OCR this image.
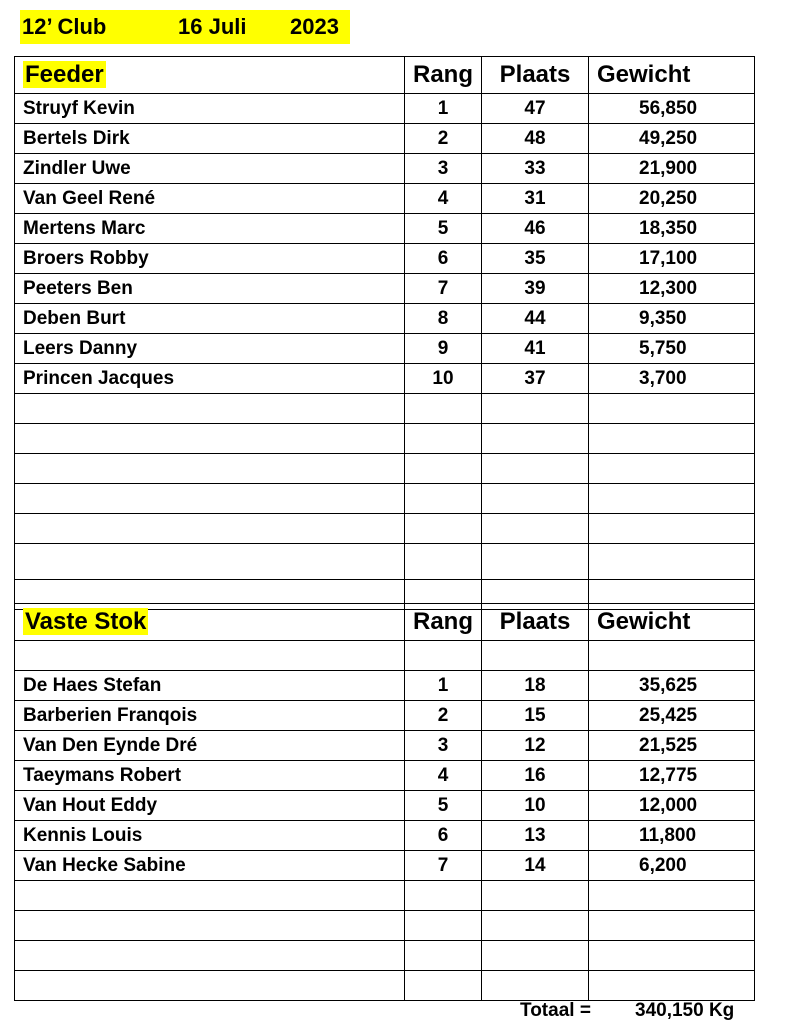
12’ Club	16 Juli 2023
Feeder	Rang	Plaats	Gewicht
Struyf Kevin	1	47	56,850
Bertels Dirk	2	48	49,250
Zindler Uwe	3	33	21,900
Van Geel René	4	31	20,250
Mertens Marc	5	46	18,350
Broers Robby	6	35	17,100
Peeters Ben	7	39	12,300
Deben Burt	8	44	9,350
Leers Danny	9	41	5,750
Princen Jacques	10	37	3,700

Vaste Stok	Rang	Plaats	Gewicht

De Haes Stefan	1	18	35,625
Barberien Franqois	2	15	25,425
Van Den Eynde Dré	3	12	21,525
Taeymans Robert	4	16	12,775
Van Hout Eddy	5	10	12,000
Kennis Louis	6	13	11,800
Van Hecke Sabine	7	14	6,200

Totaal = 340,150 Kg
